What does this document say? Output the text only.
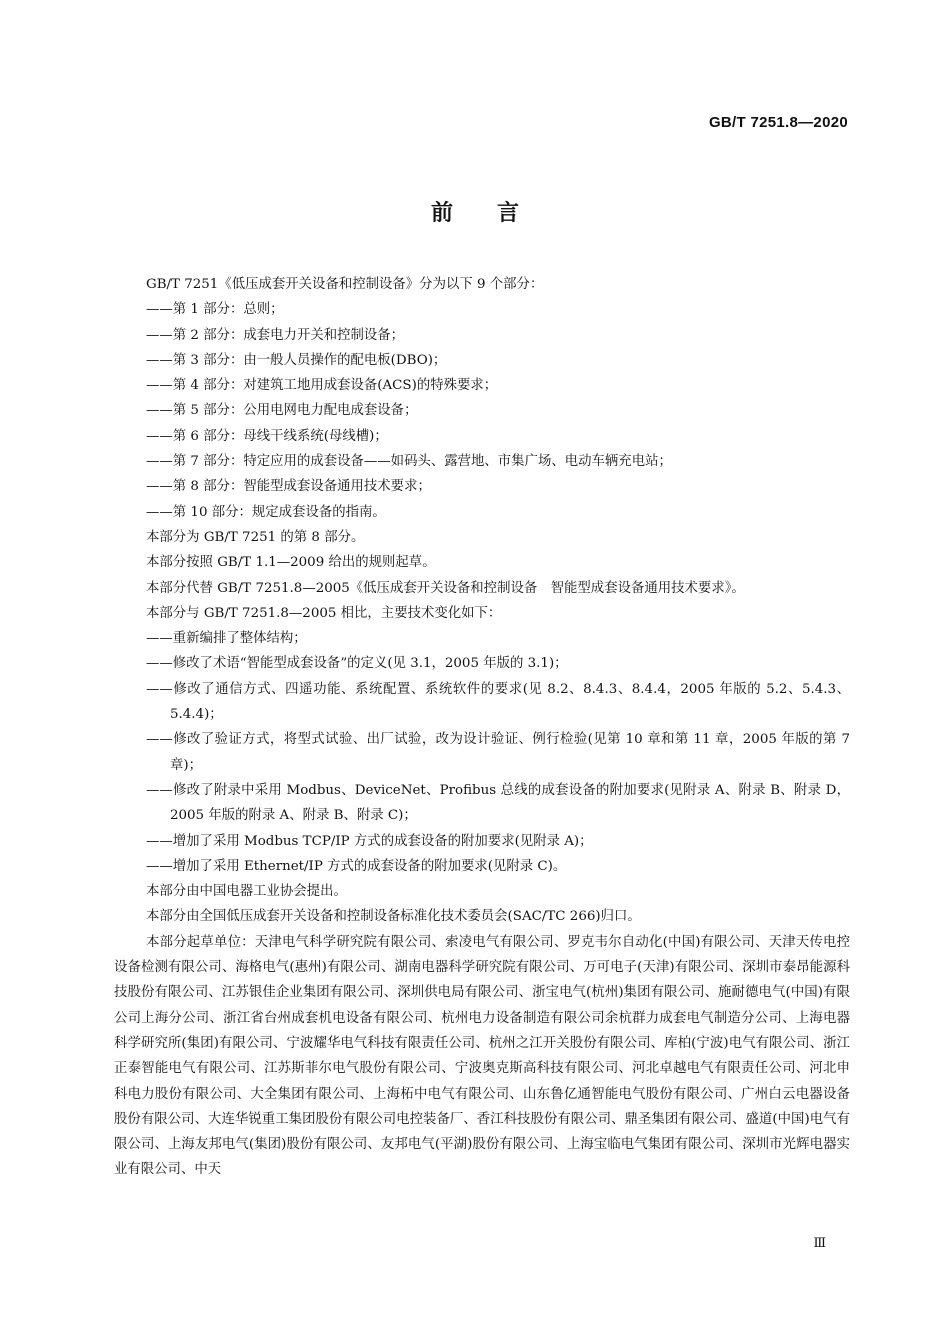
GB/T 7251.8—2020
前 言

GB/T 7251《低压成套开关设备和控制设备》分为以下 9 个部分：

——第 1 部分：总则；

——第 2 部分：成套电力开关和控制设备；

——第 3 部分：由一般人员操作的配电板(DBO)；

——第 4 部分：对建筑工地用成套设备(ACS)的特殊要求；

——第 5 部分：公用电网电力配电成套设备；

——第 6 部分：母线干线系统(母线槽)；

——第 7 部分：特定应用的成套设备——如码头、露营地、市集广场、电动车辆充电站；

——第 8 部分：智能型成套设备通用技术要求；

——第 10 部分：规定成套设备的指南。

本部分为 GB/T 7251 的第 8 部分。

本部分按照 GB/T 1.1—2009 给出的规则起草。

本部分代替 GB/T 7251.8—2005《低压成套开关设备和控制设备　智能型成套设备通用技术要求》。

本部分与 GB/T 7251.8—2005 相比，主要技术变化如下：

——重新编排了整体结构；

——修改了术语“智能型成套设备”的定义(见 3.1，2005 年版的 3.1)；

——修改了通信方式、四遥功能、系统配置、系统软件的要求(见 8.2、8.4.3、8.4.4，2005 年版的 5.2、5.4.3、5.4.4)；

——修改了验证方式，将型式试验、出厂试验，改为设计验证、例行检验(见第 10 章和第 11 章，2005 年版的第 7 章)；

——修改了附录中采用 Modbus、DeviceNet、Profibus 总线的成套设备的附加要求(见附录 A、附录 B、附录 D，2005 年版的附录 A、附录 B、附录 C)；

——增加了采用 Modbus TCP/IP 方式的成套设备的附加要求(见附录 A)；

——增加了采用 Ethernet/IP 方式的成套设备的附加要求(见附录 C)。

本部分由中国电器工业协会提出。

本部分由全国低压成套开关设备和控制设备标准化技术委员会(SAC/TC 266)归口。

本部分起草单位：天津电气科学研究院有限公司、索凌电气有限公司、罗克韦尔自动化(中国)有限公司、天津天传电控设备检测有限公司、海格电气(惠州)有限公司、湖南电器科学研究院有限公司、万可电子(天津)有限公司、深圳市泰昂能源科技股份有限公司、江苏银佳企业集团有限公司、深圳供电局有限公司、浙宝电气(杭州)集团有限公司、施耐德电气(中国)有限公司上海分公司、浙江省台州成套机电设备有限公司、杭州电力设备制造有限公司余杭群力成套电气制造分公司、上海电器科学研究所(集团)有限公司、宁波耀华电气科技有限责任公司、杭州之江开关股份有限公司、库柏(宁波)电气有限公司、浙江正泰智能电气有限公司、江苏斯菲尔电气股份有限公司、宁波奥克斯高科技有限公司、河北卓越电气有限责任公司、河北申科电力股份有限公司、大全集团有限公司、上海柘中电气有限公司、山东鲁亿通智能电气股份有限公司、广州白云电器设备股份有限公司、大连华锐重工集团股份有限公司电控装备厂、香江科技股份有限公司、鼎圣集团有限公司、盛道(中国)电气有限公司、上海友邦电气(集团)股份有限公司、友邦电气(平湖)股份有限公司、上海宝临电气集团有限公司、深圳市光辉电器实业有限公司、中天

Ⅲ
